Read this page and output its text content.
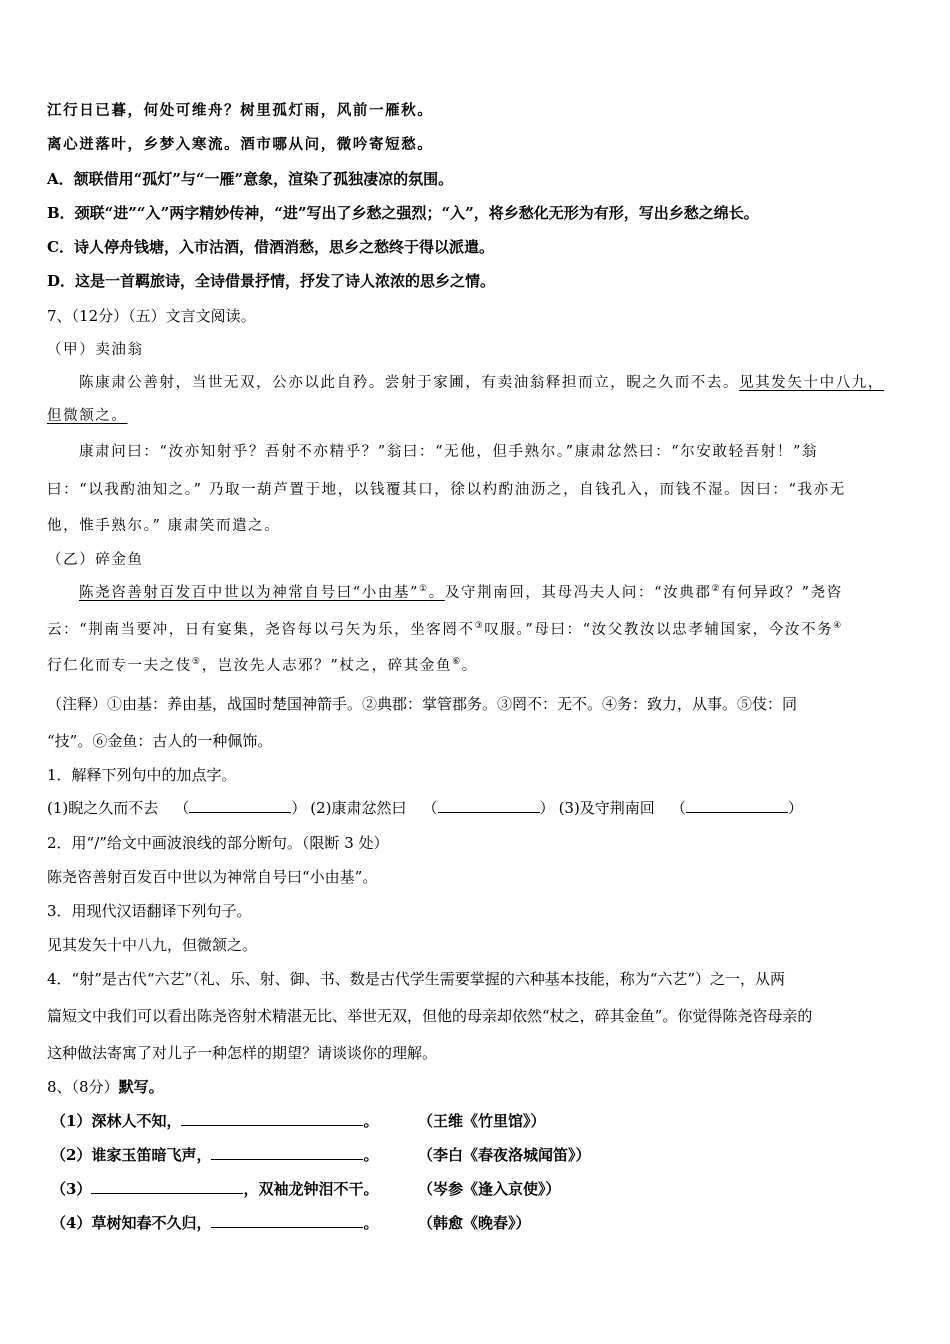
江行日已暮，何处可维舟？树里孤灯雨，风前一雁秋。
离心迸落叶，乡梦入寒流。酒市哪从问，微吟寄短愁。
A．颔联借用“孤灯”与“一雁”意象，渲染了孤独凄凉的氛围。
B．颈联“进”“入”两字精妙传神，“进”写出了乡愁之强烈；“入”，将乡愁化无形为有形，写出乡愁之绵长。
C．诗人停舟钱塘，入市沽酒，借酒消愁，思乡之愁终于得以派遣。
D．这是一首羁旅诗，全诗借景抒情，抒发了诗人浓浓的思乡之情。
7、（12分）（五）文言文阅读。
（甲）卖油翁
陈康肃公善射，当世无双，公亦以此自矜。尝射于家圃，有卖油翁释担而立，睨之久而不去。见其发矢十中八九，
但微颔之。
康肃问曰：“汝亦知射乎？吾射不亦精乎？”翁曰：“无他，但手熟尔。”康肃忿然曰：“尔安敢轻吾射！”翁
曰：“以我酌油知之。” 乃取一葫芦置于地，以钱覆其口，徐以杓酌油沥之，自钱孔入，而钱不湿。因曰：“我亦无
他，惟手熟尔。” 康肃笑而遣之。
（乙）碎金鱼
陈尧咨善射百发百中世以为神常自号曰“小由基”①。及守荆南回，其母冯夫人问：“汝典郡②有何异政？”尧咨
云：“荆南当要冲，日有宴集，尧咨每以弓矢为乐，坐客罔不③叹服。”母曰：“汝父教汝以忠孝辅国家，今汝不务④
行仁化而专一夫之伎⑤，岂汝先人志邪？”杖之，碎其金鱼⑥。
（注释）①由基：养由基，战国时楚国神箭手。②典郡：掌管郡务。③罔不：无不。④务：致力，从事。⑤伎：同
“技”。⑥金鱼：古人的一种佩饰。
1．解释下列句中的加点字。
(1)睨之久而不去 （	） (2)康肃忿然曰 （	） (3)及守荆南回 （	）
2．用“/”给文中画波浪线的部分断句。（限断 3 处）
陈尧咨善射百发百中世以为神常自号曰“小由基”。
3．用现代汉语翻译下列句子。
见其发矢十中八九，但微颔之。
4．“射”是古代“六艺”（礼、乐、射、御、书、数是古代学生需要掌握的六种基本技能，称为“六艺”）之一，从两
篇短文中我们可以看出陈尧咨射术精湛无比、举世无双，但他的母亲却依然“杖之，碎其金鱼”。你觉得陈尧咨母亲的
这种做法寄寓了对儿子一种怎样的期望？请谈谈你的理解。
8、（8分）默写。
（1）深林人不知，	。	（王维《竹里馆》）
（2）谁家玉笛暗飞声，	。	（李白《春夜洛城闻笛》）
（3）	，双袖龙钟泪不干。	（岑参《逢入京使》）
（4）草树知春不久归，	。	（韩愈《晚春》）
